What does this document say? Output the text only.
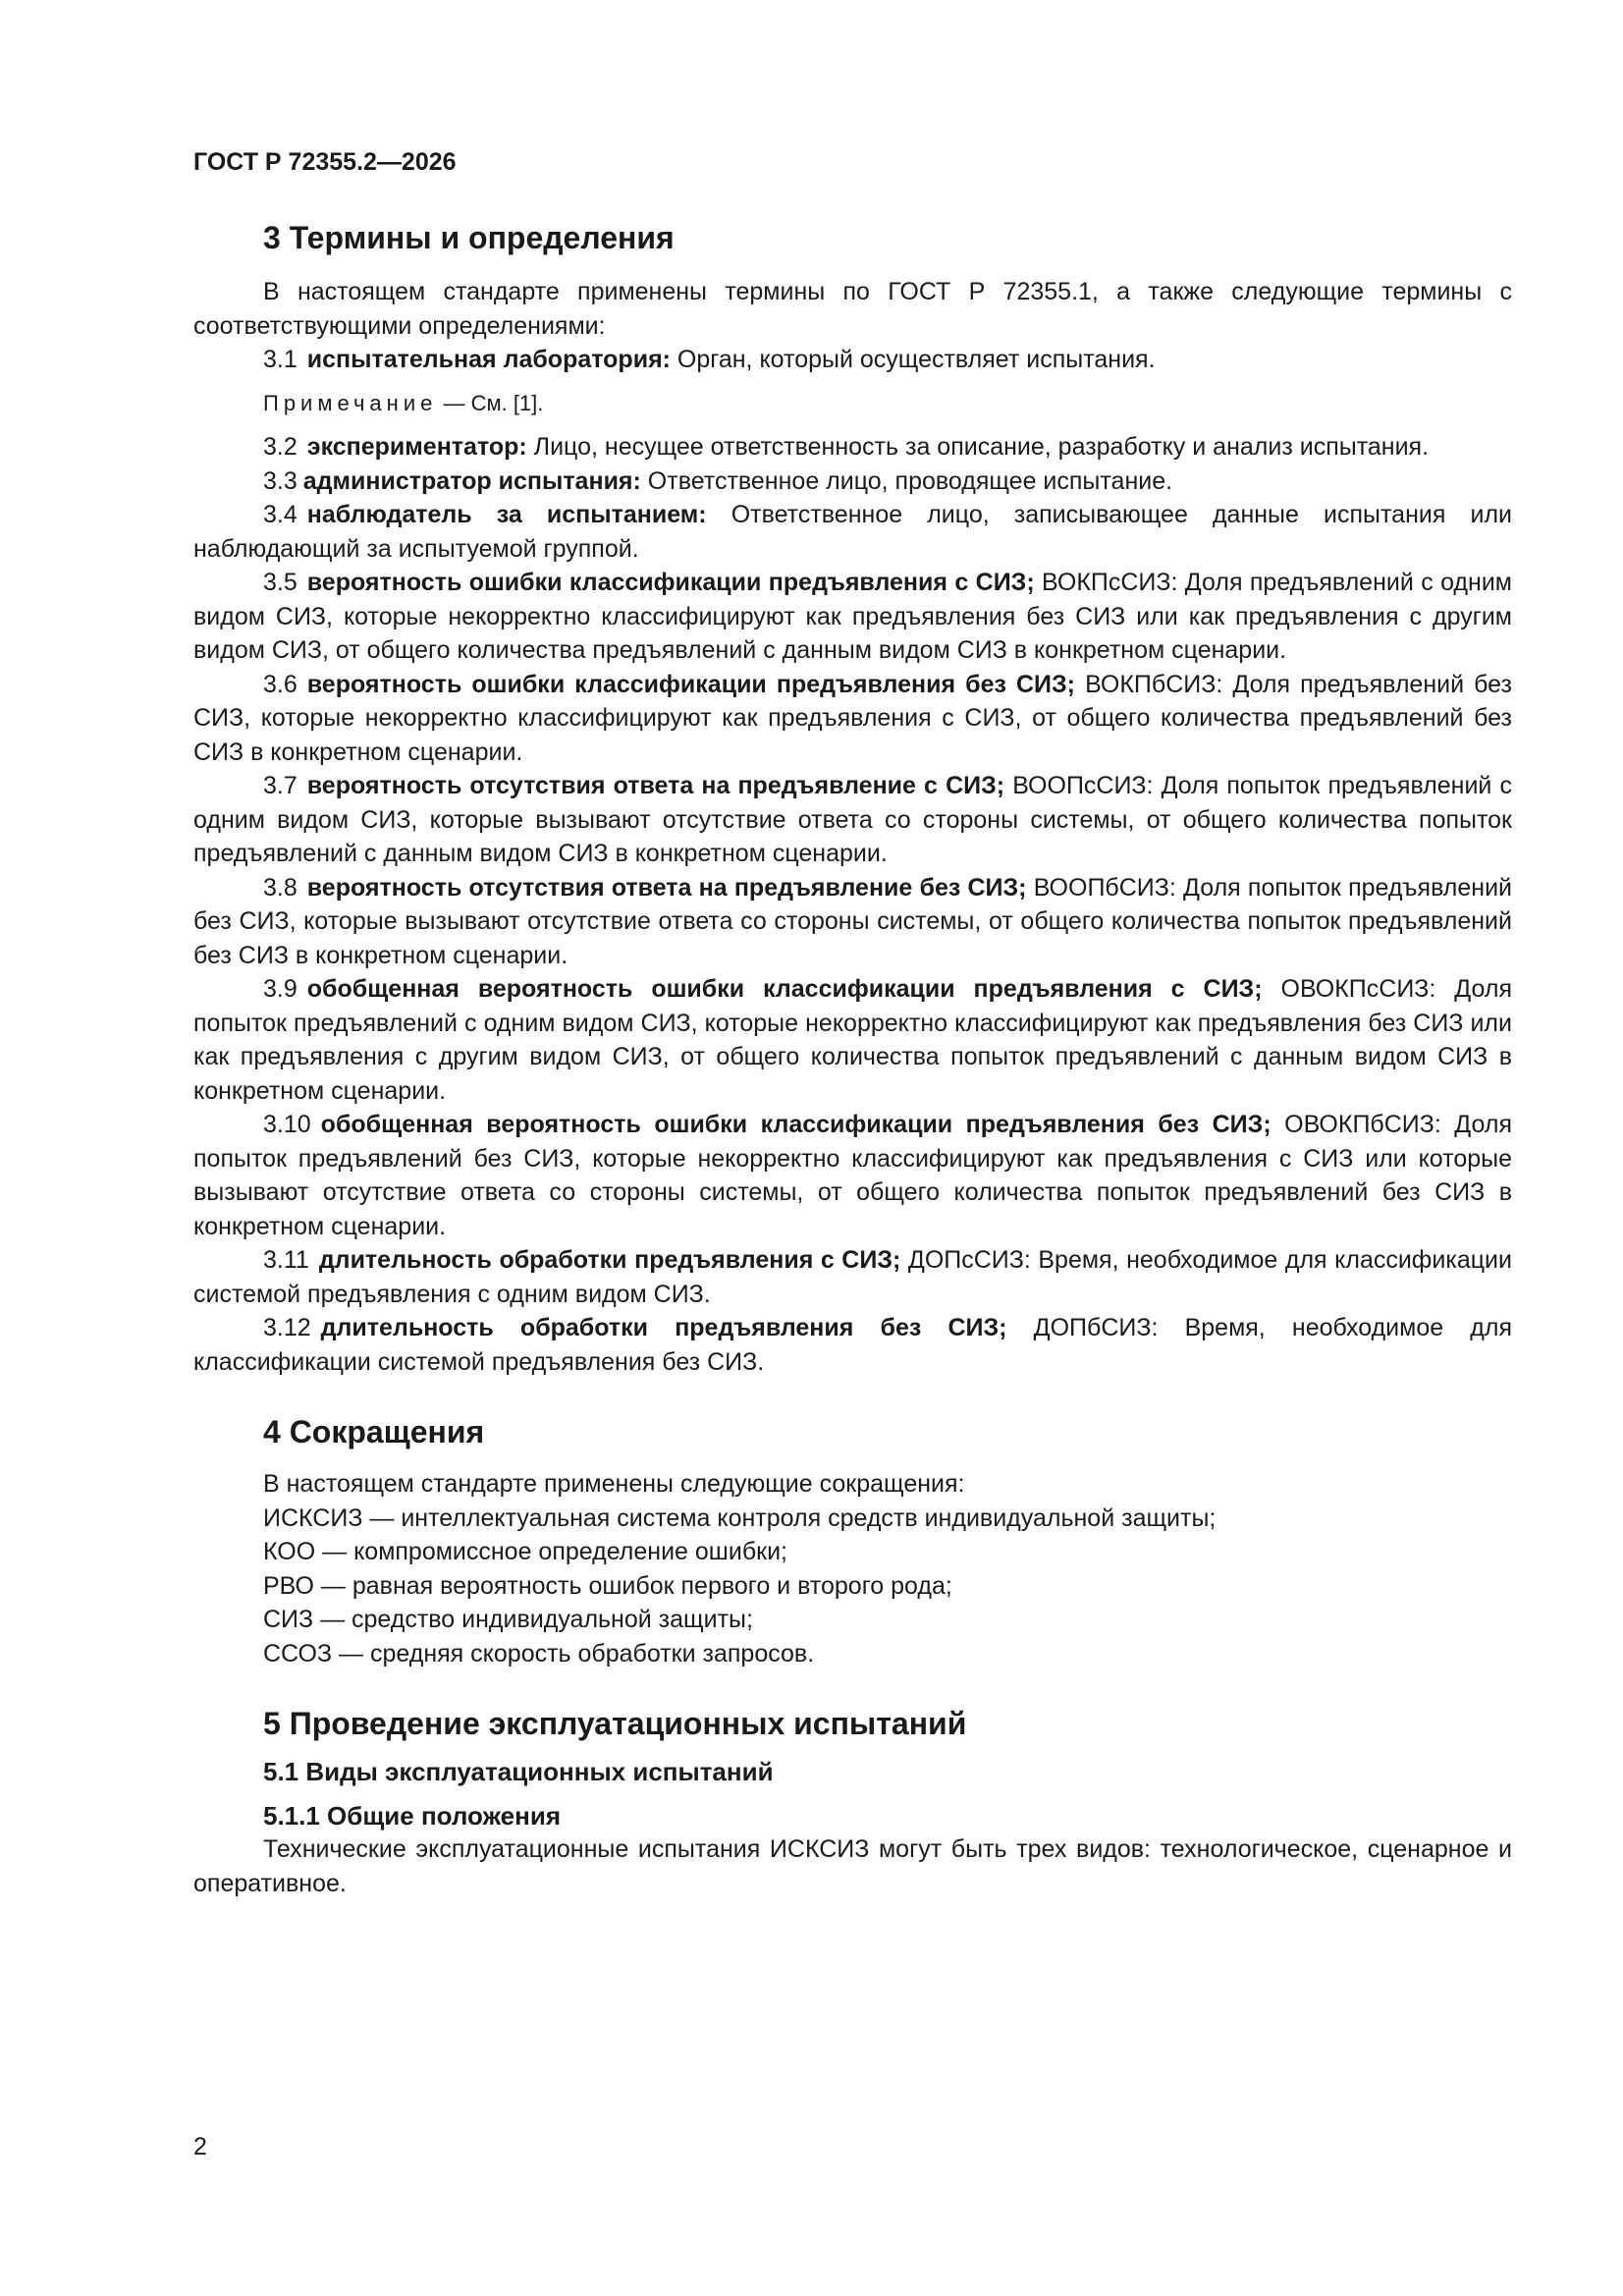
ГОСТ Р 72355.2—2026
3 Термины и определения
В настоящем стандарте применены термины по ГОСТ Р 72355.1, а также следующие термины с соответствующими определениями:
3.1 испытательная лаборатория: Орган, который осуществляет испытания.
Примечание — См. [1].
3.2 экспериментатор: Лицо, несущее ответственность за описание, разработку и анализ испытания.
3.3 администратор испытания: Ответственное лицо, проводящее испытание.
3.4 наблюдатель за испытанием: Ответственное лицо, записывающее данные испытания или наблюдающий за испытуемой группой.
3.5 вероятность ошибки классификации предъявления с СИЗ; ВОКПсСИЗ: Доля предъявлений с одним видом СИЗ, которые некорректно классифицируют как предъявления без СИЗ или как предъявления с другим видом СИЗ, от общего количества предъявлений с данным видом СИЗ в конкретном сценарии.
3.6 вероятность ошибки классификации предъявления без СИЗ; ВОКПбСИЗ: Доля предъявлений без СИЗ, которые некорректно классифицируют как предъявления с СИЗ, от общего количества предъявлений без СИЗ в конкретном сценарии.
3.7 вероятность отсутствия ответа на предъявление с СИЗ; ВООПсСИЗ: Доля попыток предъявлений с одним видом СИЗ, которые вызывают отсутствие ответа со стороны системы, от общего количества попыток предъявлений с данным видом СИЗ в конкретном сценарии.
3.8 вероятность отсутствия ответа на предъявление без СИЗ; ВООПбСИЗ: Доля попыток предъявлений без СИЗ, которые вызывают отсутствие ответа со стороны системы, от общего количества попыток предъявлений без СИЗ в конкретном сценарии.
3.9 обобщенная вероятность ошибки классификации предъявления с СИЗ; ОВОКПсСИЗ: Доля попыток предъявлений с одним видом СИЗ, которые некорректно классифицируют как предъявления без СИЗ или как предъявления с другим видом СИЗ, от общего количества попыток предъявлений с данным видом СИЗ в конкретном сценарии.
3.10 обобщенная вероятность ошибки классификации предъявления без СИЗ; ОВОКПбСИЗ: Доля попыток предъявлений без СИЗ, которые некорректно классифицируют как предъявления с СИЗ или которые вызывают отсутствие ответа со стороны системы, от общего количества попыток предъявлений без СИЗ в конкретном сценарии.
3.11 длительность обработки предъявления с СИЗ; ДОПсСИЗ: Время, необходимое для классификации системой предъявления с одним видом СИЗ.
3.12 длительность обработки предъявления без СИЗ; ДОПбСИЗ: Время, необходимое для классификации системой предъявления без СИЗ.
4 Сокращения
В настоящем стандарте применены следующие сокращения:
ИСКСИЗ — интеллектуальная система контроля средств индивидуальной защиты;
КОО — компромиссное определение ошибки;
РВО — равная вероятность ошибок первого и второго рода;
СИЗ — средство индивидуальной защиты;
ССОЗ — средняя скорость обработки запросов.
5 Проведение эксплуатационных испытаний
5.1 Виды эксплуатационных испытаний
5.1.1 Общие положения
Технические эксплуатационные испытания ИСКСИЗ могут быть трех видов: технологическое, сценарное и оперативное.
2
